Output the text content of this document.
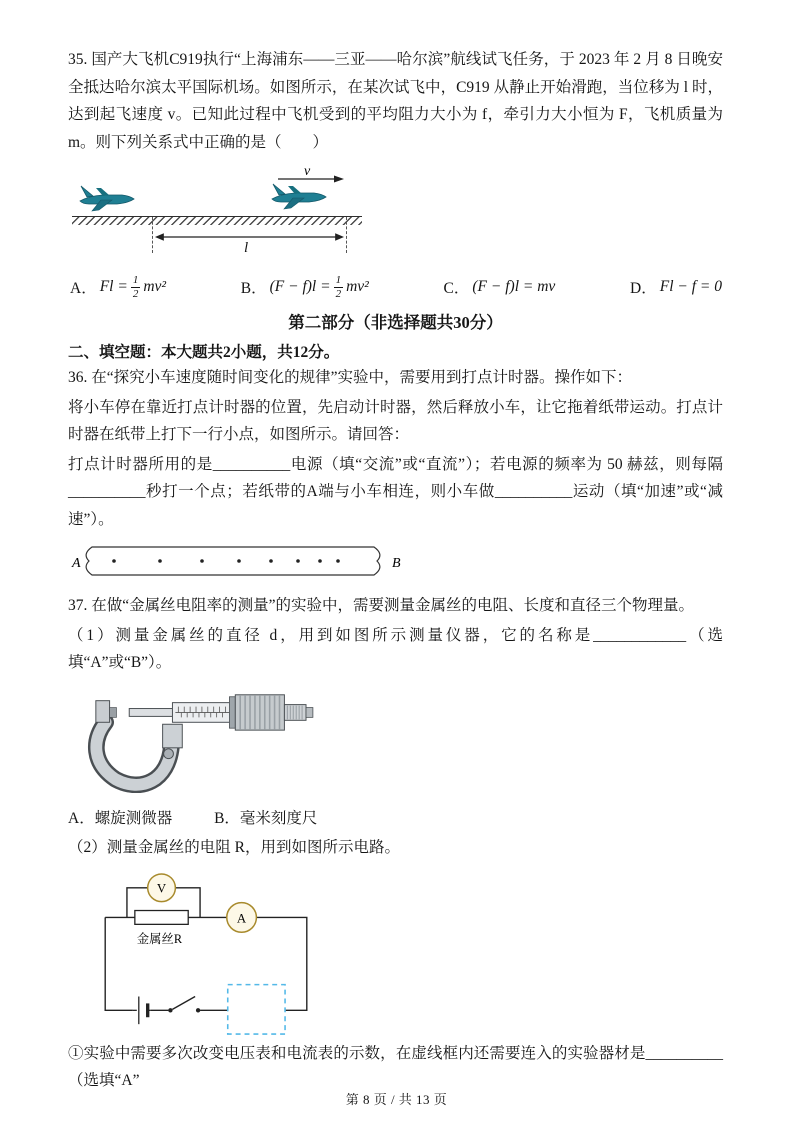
35. 国产大飞机C919执行“上海浦东——三亚——哈尔滨”航线试飞任务，于 2023 年 2 月 8 日晚安全抵达哈尔滨太平国际机场。如图所示，在某次试飞中，C919 从静止开始滑跑，当位移为 l 时，达到起飞速度 v。已知此过程中飞机受到的平均阻力大小为 f，牵引力大小恒为 F，飞机质量为 m。则下列关系式中正确的是（　　）

v
l
A． $Fl = \frac{1}{2} mv^2$	B． $(F - f)l = \frac{1}{2} mv^2$	C． (F − f)l = mv	D． Fl − f = 0
第二部分（非选择题共30分）
二、填空题：本大题共2小题，共12分。

36. 在“探究小车速度随时间变化的规律”实验中，需要用到打点计时器。操作如下：

将小车停在靠近打点计时器的位置，先启动计时器，然后释放小车，让它拖着纸带运动。打点计时器在纸带上打下一行小点，如图所示。请回答：

打点计时器所用的是__________电源（填“交流”或“直流”）；若电源的频率为 50 赫兹，则每隔__________秒打一个点；若纸带的A端与小车相连，则小车做__________运动（填“加速”或“减速”）。

A	B

37. 在做“金属丝电阻率的测量”的实验中，需要测量金属丝的电阻、长度和直径三个物理量。

（1）测量金属丝的直径 d，用到如图所示测量仪器，它的名称是____________（选填“A”或“B”）。

A．螺旋测微器	B．毫米刻度尺

（2）测量金属丝的电阻 R，用到如图所示电路。

金属丝R
V
A

①实验中需要多次改变电压表和电流表的示数，在虚线框内还需要连入的实验器材是__________（选填“A”

第 8 页 / 共 13 页
